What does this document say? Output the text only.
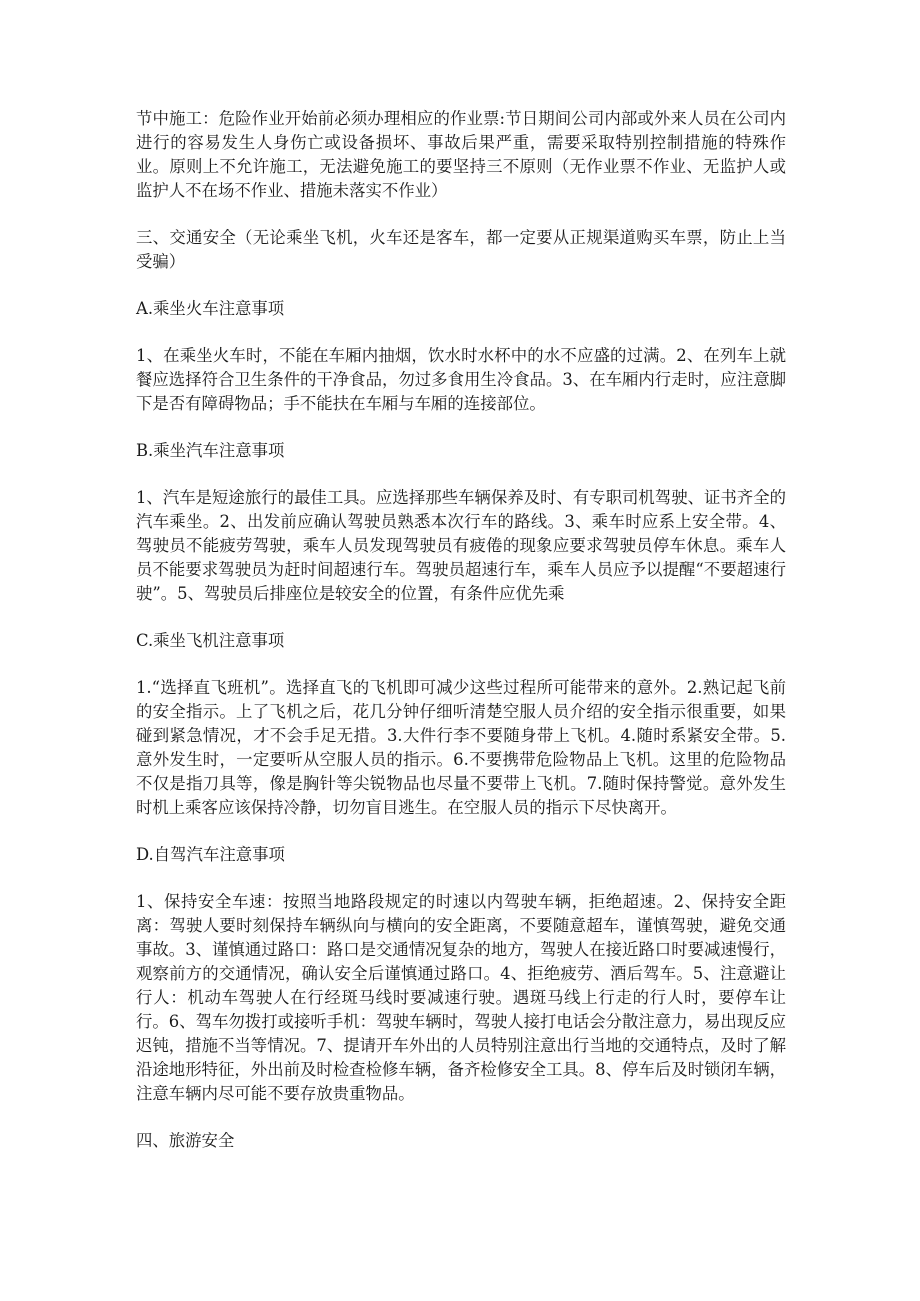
节中施工：危险作业开始前必须办理相应的作业票:节日期间公司内部或外来人员在公司内进行的容易发生人身伤亡或设备损坏、事故后果严重，需要采取特别控制措施的特殊作业。原则上不允许施工，无法避免施工的要坚持三不原则（无作业票不作业、无监护人或监护人不在场不作业、措施未落实不作业）

三、交通安全（无论乘坐飞机，火车还是客车，都一定要从正规渠道购买车票，防止上当受骗）

A.乘坐火车注意事项

1、在乘坐火车时，不能在车厢内抽烟，饮水时水杯中的水不应盛的过满。2、在列车上就餐应选择符合卫生条件的干净食品，勿过多食用生冷食品。3、在车厢内行走时，应注意脚下是否有障碍物品；手不能扶在车厢与车厢的连接部位。

B.乘坐汽车注意事项

1、汽车是短途旅行的最佳工具。应选择那些车辆保养及时、有专职司机驾驶、证书齐全的汽车乘坐。2、出发前应确认驾驶员熟悉本次行车的路线。3、乘车时应系上安全带。4、驾驶员不能疲劳驾驶，乘车人员发现驾驶员有疲倦的现象应要求驾驶员停车休息。乘车人员不能要求驾驶员为赶时间超速行车。驾驶员超速行车，乘车人员应予以提醒“不要超速行驶”。5、驾驶员后排座位是较安全的位置，有条件应优先乘

C.乘坐飞机注意事项

1.“选择直飞班机”。选择直飞的飞机即可减少这些过程所可能带来的意外。2.熟记起飞前的安全指示。上了飞机之后，花几分钟仔细听清楚空服人员介绍的安全指示很重要，如果碰到紧急情况，才不会手足无措。3.大件行李不要随身带上飞机。4.随时系紧安全带。5.意外发生时，一定要听从空服人员的指示。6.不要携带危险物品上飞机。这里的危险物品不仅是指刀具等，像是胸针等尖锐物品也尽量不要带上飞机。7.随时保持警觉。意外发生时机上乘客应该保持冷静，切勿盲目逃生。在空服人员的指示下尽快离开。

D.自驾汽车注意事项

1、保持安全车速：按照当地路段规定的时速以内驾驶车辆，拒绝超速。2、保持安全距离：驾驶人要时刻保持车辆纵向与横向的安全距离，不要随意超车，谨慎驾驶，避免交通事故。3、谨慎通过路口：路口是交通情况复杂的地方，驾驶人在接近路口时要减速慢行，观察前方的交通情况，确认安全后谨慎通过路口。4、拒绝疲劳、酒后驾车。5、注意避让行人：机动车驾驶人在行经斑马线时要减速行驶。遇斑马线上行走的行人时，要停车让行。6、驾车勿拨打或接听手机：驾驶车辆时，驾驶人接打电话会分散注意力，易出现反应迟钝，措施不当等情况。7、提请开车外出的人员特别注意出行当地的交通特点，及时了解沿途地形特征，外出前及时检查检修车辆，备齐检修安全工具。8、停车后及时锁闭车辆，注意车辆内尽可能不要存放贵重物品。

四、旅游安全
